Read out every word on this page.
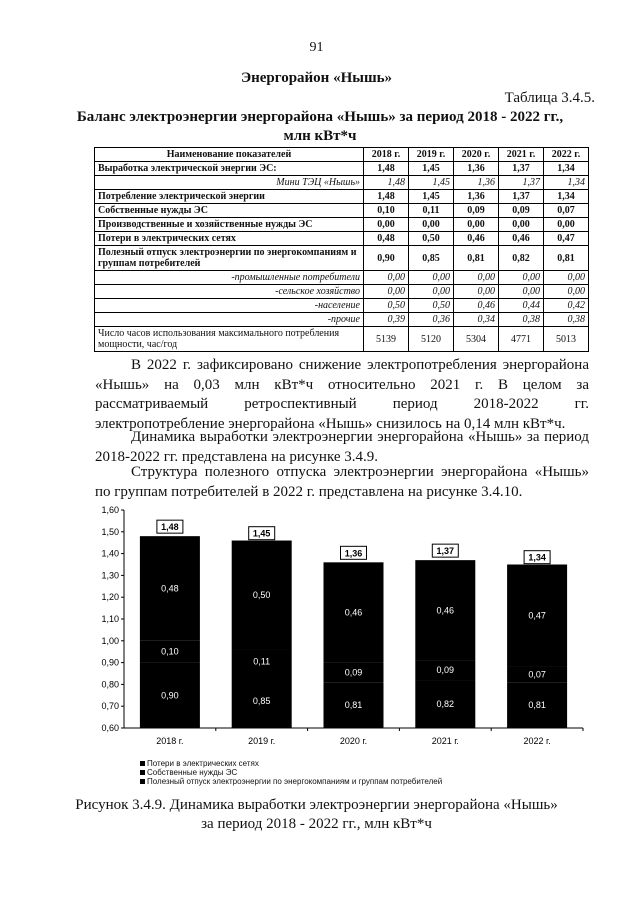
91
Энергорайон «Нышь»
Таблица 3.4.5.
Баланс электроэнергии энергорайона «Нышь» за период 2018 - 2022 гг.,
млн кВт*ч
Наименование показателей	2018 г.	2019 г.	2020 г.	2021 г.	2022 г.
Выработка электрической энергии ЭС:	1,48	1,45	1,36	1,37	1,34
Мини ТЭЦ «Нышь»	1,48	1,45	1,36	1,37	1,34
Потребление электрической энергии	1,48	1,45	1,36	1,37	1,34
Собственные нужды ЭС	0,10	0,11	0,09	0,09	0,07
Производственные и хозяйственные нужды ЭС	0,00	0,00	0,00	0,00	0,00
Потери в электрических сетях	0,48	0,50	0,46	0,46	0,47
Полезный отпуск электроэнергии по энергокомпаниям и группам потребителей	0,90	0,85	0,81	0,82	0,81
-промышленные потребители	0,00	0,00	0,00	0,00	0,00
-сельское хозяйство	0,00	0,00	0,00	0,00	0,00
-население	0,50	0,50	0,46	0,44	0,42
-прочие	0,39	0,36	0,34	0,38	0,38
Число часов использования максимального потребления мощности, час/год	5139	5120	5304	4771	5013
В 2022 г. зафиксировано снижение электропотребления энергорайона «Нышь» на 0,03 млн кВт*ч относительно 2021 г. В целом за рассматриваемый ретроспективный период 2018-2022 гг. электропотребление энергорайона «Нышь» снизилось на 0,14 млн кВт*ч.
Динамика выработки электроэнергии энергорайона «Нышь» за период 2018-2022 гг. представлена на рисунке 3.4.9.
Структура полезного отпуска электроэнергии энергорайона «Нышь» по группам потребителей в 2022 г. представлена на рисунке 3.4.10.
0,60
0,70
0,80
0,90
1,00
1,10
1,20
1,30
1,40
1,50
1,60
2018 г.	2019 г.	2020 г.	2021 г.	2022 г.
0,90
0,10
0,48
1,48
0,85
0,11
0,50
1,45
0,81
0,09
0,46
1,36
0,82
0,09
0,46
1,37
0,81
0,07
0,47
1,34
Потери в электрических сетях
Собственные нужды ЭС
Полезный отпуск электроэнергии по энергокомпаниям и группам потребителей
Рисунок 3.4.9. Динамика выработки электроэнергии энергорайона «Нышь»
за период 2018 - 2022 гг., млн кВт*ч
